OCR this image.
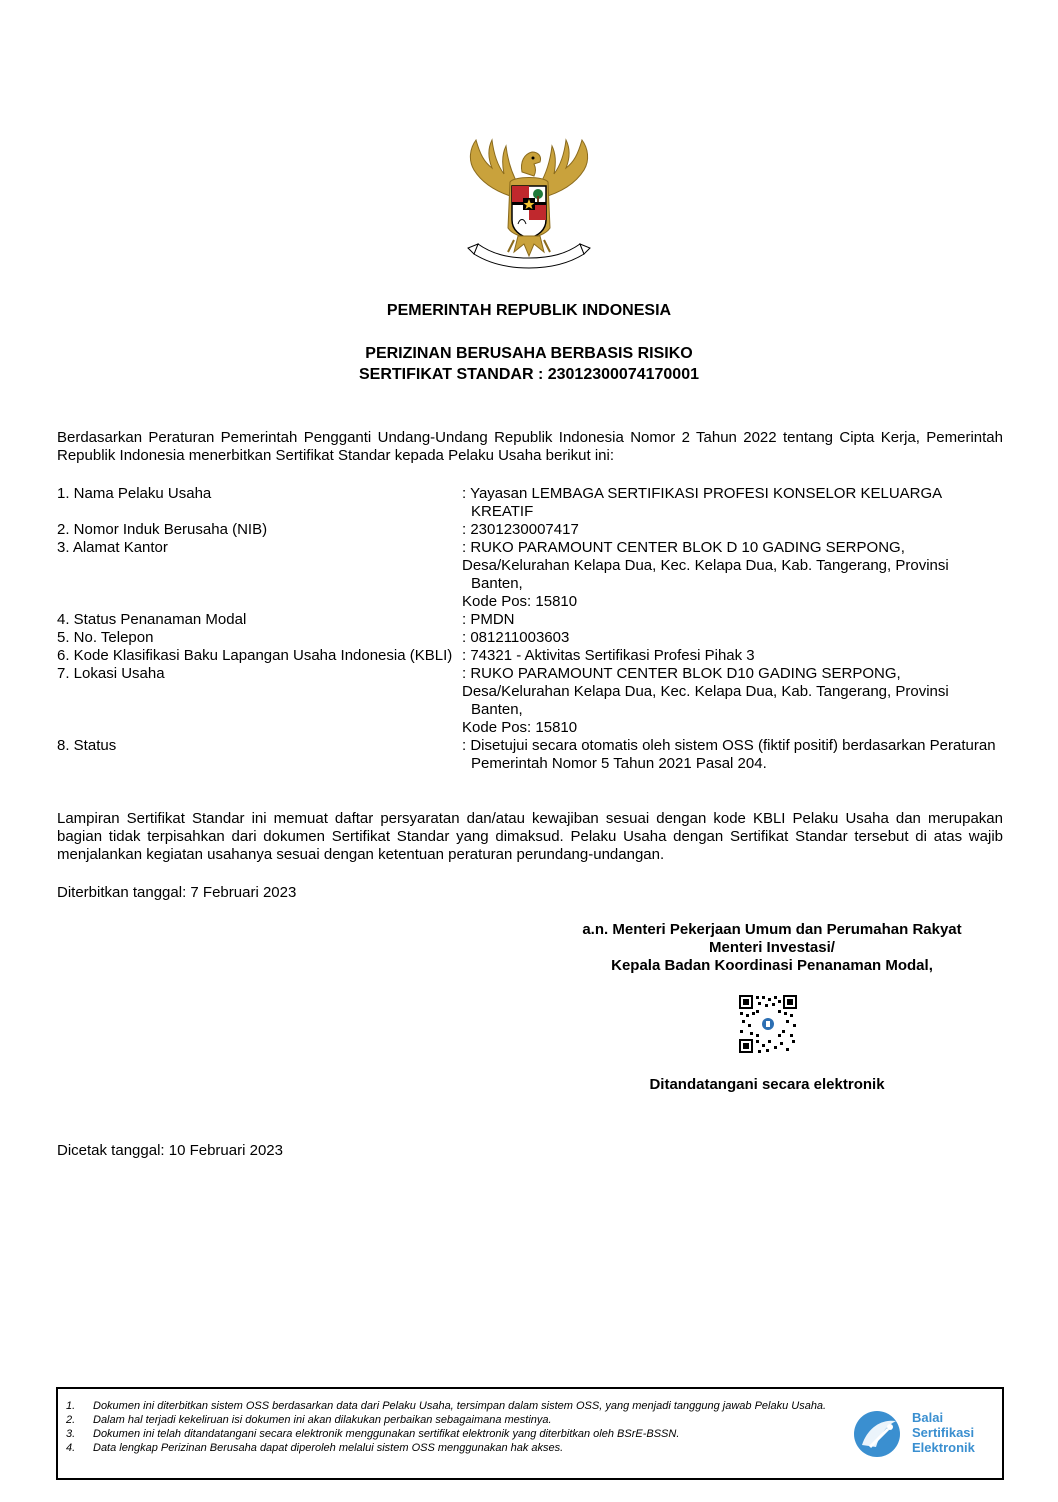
PEMERINTAH REPUBLIK INDONESIA
PERIZINAN BERUSAHA BERBASIS RISIKO
SERTIFIKAT STANDAR : 23012300074170001
Berdasarkan Peraturan Pemerintah Pengganti Undang-Undang Republik Indonesia Nomor 2 Tahun 2022 tentang Cipta Kerja, Pemerintah Republik Indonesia menerbitkan Sertifikat Standar kepada Pelaku Usaha berikut ini:
1. Nama Pelaku Usaha	: Yayasan LEMBAGA SERTIFIKASI PROFESI KONSELOR KELUARGA KREATIF
2. Nomor Induk Berusaha (NIB)	: 2301230007417
3. Alamat Kantor	: RUKO PARAMOUNT CENTER BLOK D 10 GADING SERPONG,
Desa/Kelurahan Kelapa Dua, Kec. Kelapa Dua, Kab. Tangerang, Provinsi Banten,
Kode Pos: 15810
4. Status Penanaman Modal	: PMDN
5. No. Telepon	: 081211003603
6. Kode Klasifikasi Baku Lapangan Usaha Indonesia (KBLI) : 74321 - Aktivitas Sertifikasi Profesi Pihak 3
7. Lokasi Usaha	: RUKO PARAMOUNT CENTER BLOK D10 GADING SERPONG,
Desa/Kelurahan Kelapa Dua, Kec. Kelapa Dua, Kab. Tangerang, Provinsi Banten,
Kode Pos: 15810
8. Status	: Disetujui secara otomatis oleh sistem OSS (fiktif positif) berdasarkan Peraturan Pemerintah Nomor 5 Tahun 2021 Pasal 204.
Lampiran Sertifikat Standar ini memuat daftar persyaratan dan/atau kewajiban sesuai dengan kode KBLI Pelaku Usaha dan merupakan bagian tidak terpisahkan dari dokumen Sertifikat Standar yang dimaksud. Pelaku Usaha dengan Sertifikat Standar tersebut di atas wajib menjalankan kegiatan usahanya sesuai dengan ketentuan peraturan perundang-undangan.
Diterbitkan tanggal: 7 Februari 2023
a.n. Menteri Pekerjaan Umum dan Perumahan Rakyat
Menteri Investasi/
Kepala Badan Koordinasi Penanaman Modal,
Ditandatangani secara elektronik
Dicetak tanggal: 10 Februari 2023
1.	Dokumen ini diterbitkan sistem OSS berdasarkan data dari Pelaku Usaha, tersimpan dalam sistem OSS, yang menjadi tanggung jawab Pelaku Usaha.
2.	Dalam hal terjadi kekeliruan isi dokumen ini akan dilakukan perbaikan sebagaimana mestinya.
3.	Dokumen ini telah ditandatangani secara elektronik menggunakan sertifikat elektronik yang diterbitkan oleh BSrE-BSSN.
4.	Data lengkap Perizinan Berusaha dapat diperoleh melalui sistem OSS menggunakan hak akses.
Balai
Sertifikasi
Elektronik
